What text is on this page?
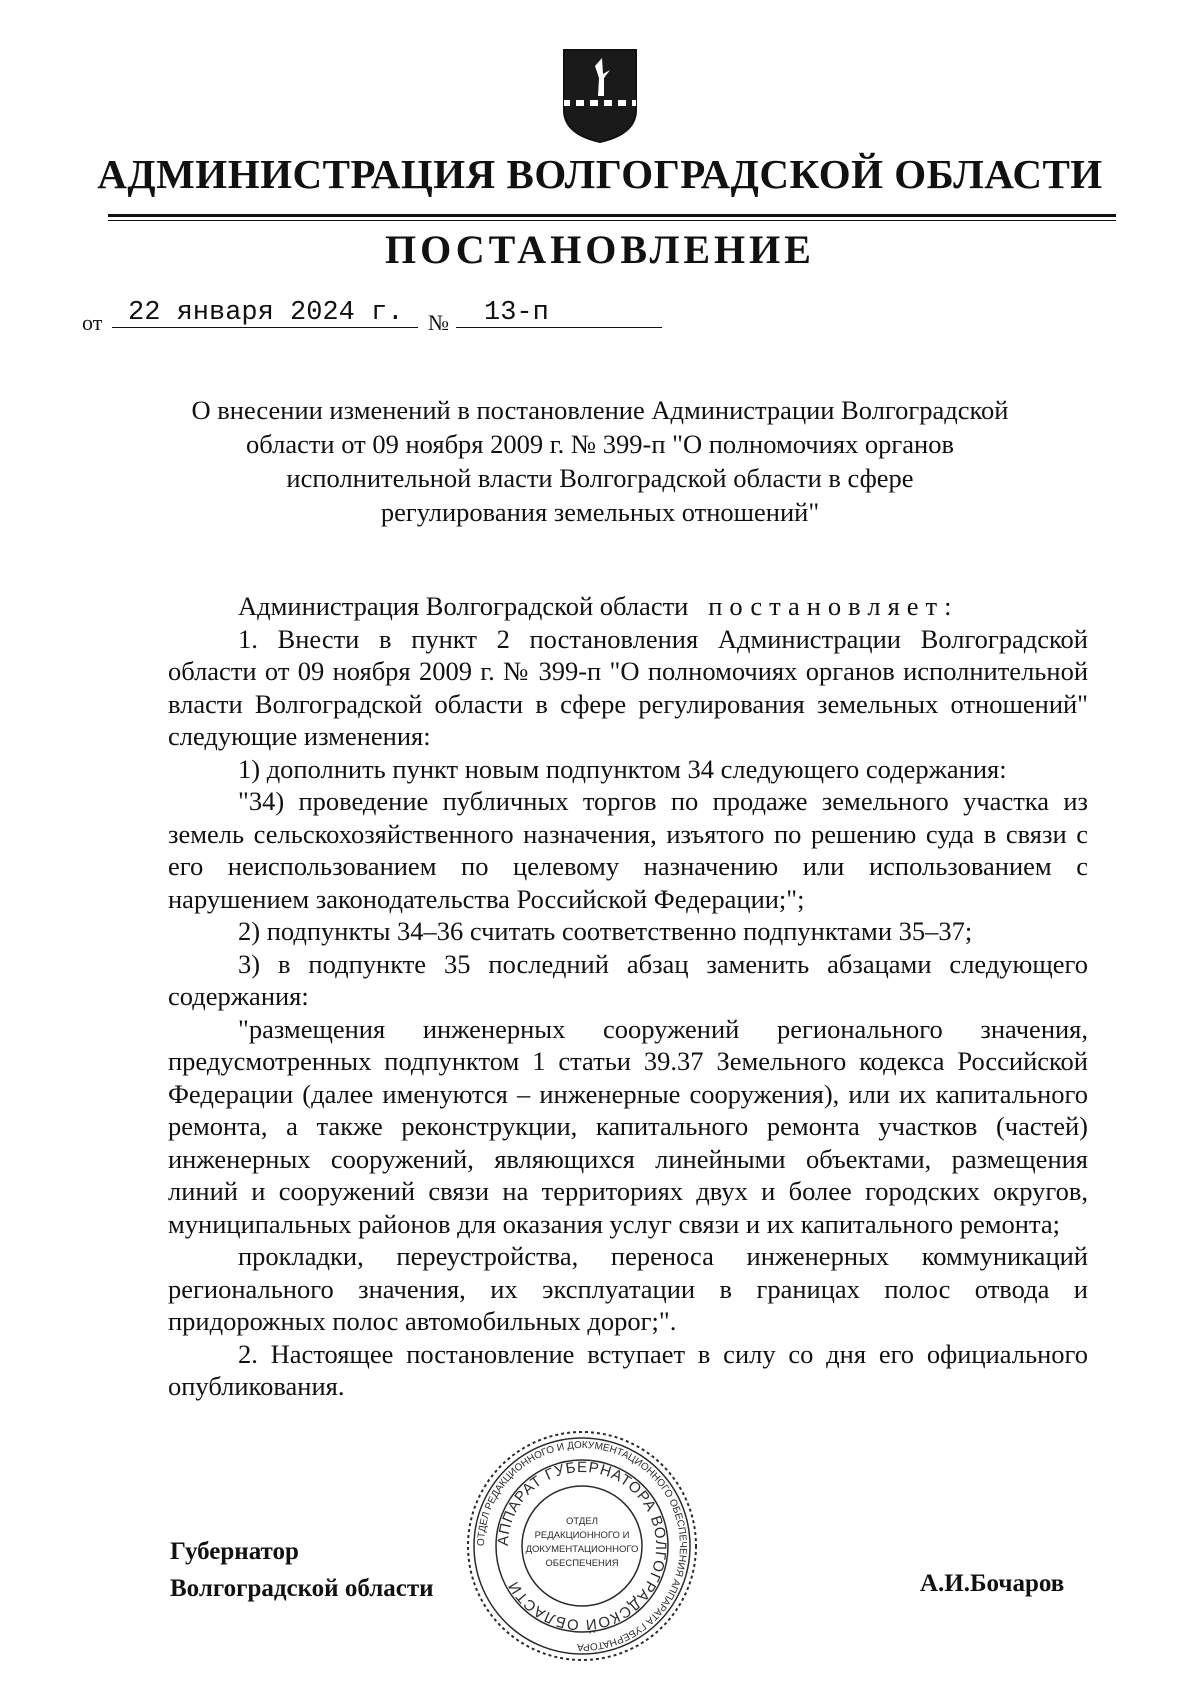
АДМИНИСТРАЦИЯ ВОЛГОГРАДСКОЙ ОБЛАСТИ
ПОСТАНОВЛЕНИЕ
от 22 января 2024 г.	№	13-п
О внесении изменений в постановление Администрации Волгоградской
области от 09 ноября 2009 г. № 399-п "О полномочиях органов
исполнительной власти Волгоградской области в сфере
регулирования земельных отношений"

Администрация Волгоградской области постановляет:

1. Внести в пункт 2 постановления Администрации Волгоградской области от 09 ноября 2009 г. № 399-п "О полномочиях органов исполнительной власти Волгоградской области в сфере регулирования земельных отношений" следующие изменения:

1) дополнить пункт новым подпунктом 34 следующего содержания:

"34) проведение публичных торгов по продаже земельного участка из земель сельскохозяйственного назначения, изъятого по решению суда в связи с его неиспользованием по целевому назначению или использованием с нарушением законодательства Российской Федерации;";

2) подпункты 34–36 считать соответственно подпунктами 35–37;

3) в подпункте 35 последний абзац заменить абзацами следующего содержания:

"размещения инженерных сооружений регионального значения, предусмотренных подпунктом 1 статьи 39.37 Земельного кодекса Российской Федерации (далее именуются – инженерные сооружения), или их капитального ремонта, а также реконструкции, капитального ремонта участков (частей) инженерных сооружений, являющихся линейными объектами, размещения линий и сооружений связи на территориях двух и более городских округов, муниципальных районов для оказания услуг связи и их капитального ремонта;

прокладки, переустройства, переноса инженерных коммуникаций регионального значения, их эксплуатации в границах полос отвода и придорожных полос автомобильных дорог;".

2. Настоящее постановление вступает в силу со дня его официального опубликования.

ОТДЕЛ РЕДАКЦИОННОГО И ДОКУМЕНТАЦИОННОГО ОБЕСПЕЧЕНИЯ АППАРАТА ГУБЕРНАТОРА
АППАРАТ ГУБЕРНАТОРА ВОЛГОГРАДСКОЙ ОБЛАСТИ
ОТДЕЛ
РЕДАКЦИОННОГО И
ДОКУМЕНТАЦИОННОГО
ОБЕСПЕЧЕНИЯ
Губернатор
Волгоградской области	А.И.Бочаров
